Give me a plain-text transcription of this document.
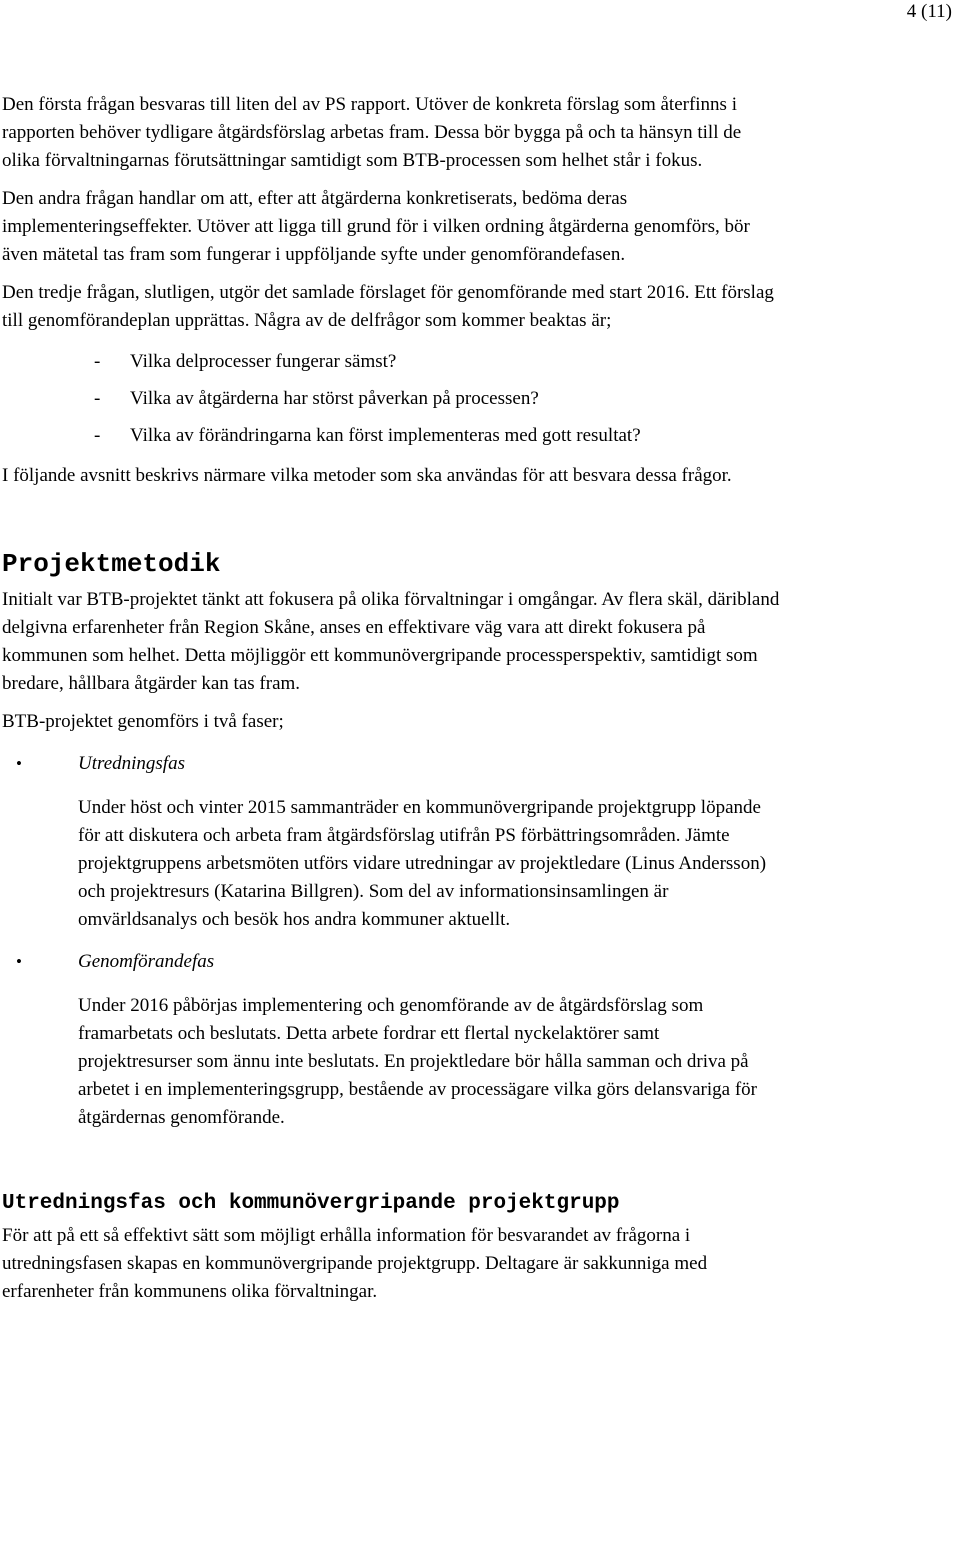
4 (11)

Den första frågan besvaras till liten del av PS rapport. Utöver de konkreta förslag som återfinns i rapporten behöver tydligare åtgärdsförslag arbetas fram. Dessa bör bygga på och ta hänsyn till de olika förvaltningarnas förutsättningar samtidigt som BTB-processen som helhet står i fokus.

Den andra frågan handlar om att, efter att åtgärderna konkretiserats, bedöma deras implementeringseffekter. Utöver att ligga till grund för i vilken ordning åtgärderna genomförs, bör även mätetal tas fram som fungerar i uppföljande syfte under genomförandefasen.

Den tredje frågan, slutligen, utgör det samlade förslaget för genomförande med start 2016. Ett förslag till genomförandeplan upprättas. Några av de delfrågor som kommer beaktas är;

- Vilka delprocesser fungerar sämst?
- Vilka av åtgärderna har störst påverkan på processen?
- Vilka av förändringarna kan först implementeras med gott resultat?

I följande avsnitt beskrivs närmare vilka metoder som ska användas för att besvara dessa frågor.

Projektmetodik

Initialt var BTB-projektet tänkt att fokusera på olika förvaltningar i omgångar. Av flera skäl, däribland delgivna erfarenheter från Region Skåne, anses en effektivare väg vara att direkt fokusera på kommunen som helhet. Detta möjliggör ett kommunövergripande processperspektiv, samtidigt som bredare, hållbara åtgärder kan tas fram.

BTB-projektet genomförs i två faser;

•	Utredningsfas
Under höst och vinter 2015 sammanträder en kommunövergripande projektgrupp löpande för att diskutera och arbeta fram åtgärdsförslag utifrån PS förbättringsområden. Jämte projektgruppens arbetsmöten utförs vidare utredningar av projektledare (Linus Andersson) och projektresurs (Katarina Billgren). Som del av informationsinsamlingen är omvärldsanalys och besök hos andra kommuner aktuellt.
•	Genomförandefas
Under 2016 påbörjas implementering och genomförande av de åtgärdsförslag som framarbetats och beslutats. Detta arbete fordrar ett flertal nyckelaktörer samt projektresurser som ännu inte beslutats. En projektledare bör hålla samman och driva på arbetet i en implementeringsgrupp, bestående av processägare vilka görs delansvariga för åtgärdernas genomförande.
Utredningsfas och kommunövergripande projektgrupp

För att på ett så effektivt sätt som möjligt erhålla information för besvarandet av frågorna i utredningsfasen skapas en kommunövergripande projektgrupp. Deltagare är sakkunniga med erfarenheter från kommunens olika förvaltningar.
